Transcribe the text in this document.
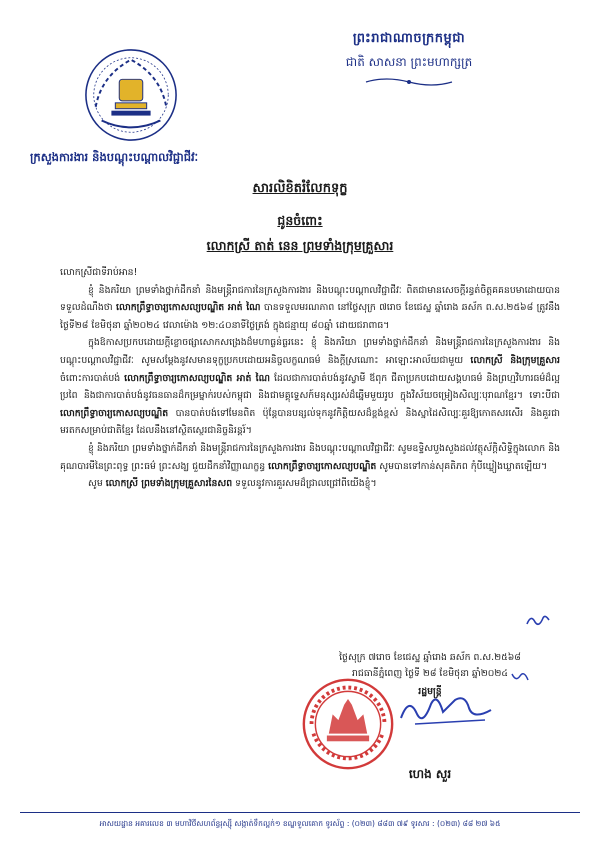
ព្រះរាជាណាចក្រកម្ពុជា
ជាតិ សាសនា ព្រះមហាក្សត្រ
ក្រសួងការងារ និងបណ្តុះបណ្តាលវិជ្ជាជីវៈ
សារលិខិតរំលែកទុក្ខ
ជូនចំពោះ
លោកស្រី តាត់ នេន ព្រមទាំងក្រុមគ្រួសារ

លោកស្រីជាទីរាប់អាន!

ខ្ញុំ និងភរិយា ព្រមទាំងថ្នាក់ដឹកនាំ និងមន្ត្រីរាជការនៃក្រសួងការងារ និងបណ្តុះបណ្តាលវិជ្ជាជីវៈ ពិតជាមានសេចក្តីរន្ធត់ចិត្តគគនបមាដោយបានទទួលដំណឹងថា លោកព្រឹទ្ធាចារ្យកោសល្យបណ្ឌិត អាត់ ណៃ បានទទួលមរណភាព នៅថ្ងៃសុក្រ ៧រោច ខែជេស្ឋ ឆ្នាំរោង ឆស័ក ព.ស.២៥៦៨ ត្រូវនឹងថ្ងៃទី២៨ ខែមិថុនា ឆ្នាំ២០២៤ វេលាម៉ោង ១២:៤០នាទីថ្ងៃត្រង់ ក្នុងជន្មាយុ ៨០ឆ្នាំ ដោយជរាពាធ។

ក្នុងឱកាសប្រកបដោយក្តីខ្លោចផ្សាសោកសង្រេងដ៏មហាធ្ងន់ធ្ងរនេះ ខ្ញុំ និងភរិយា ព្រមទាំងថ្នាក់ដឹកនាំ និងមន្ត្រីរាជការនៃក្រសួងការងារ និងបណ្តុះបណ្តាលវិជ្ជាជីវៈ សូមសម្តែងនូវសមានទុក្ខប្រកបដោយអនិច្ចលក្ខណធម៌ និងក្តីស្រណោះ អាឡោះអាល័យជាមួយ លោកស្រី និងក្រុមគ្រួសារ ចំពោះការបាត់បង់ លោកព្រឹទ្ធាចារ្យកោសល្យបណ្ឌិត អាត់ ណៃ ដែលជាការបាត់បង់នូវស្វាមី ឪពុក ជីតាប្រកបដោយសង្គហធម៌ និងព្រហ្មវិហារធម៌ដ៏ល្អប្រពៃ និងជាការបាត់បង់នូវធនធានដ៏កម្រម្នាក់របស់កម្ពុជា និងជាមគ្គុទ្ទេសក៍មនុស្សរស់ដ៏ឆ្នើមមួយរូប ក្នុងវិស័យចម្រៀងសិល្បៈបុរាណខ្មែរ។ ទោះបីជា លោកព្រឹទ្ធាចារ្យកោសល្យបណ្ឌិត បានបាត់បង់ទៅមែនពិត ប៉ុន្តែបានបន្សល់ទុកនូវកិត្តិយសដ៏ខ្ពង់ខ្ពស់ និងស្នាដៃសិល្បៈគួរឱ្យកោតសរសើរ និងគួរជាមរតកសម្រាប់ជាតិខ្មែរ ដែលនឹងនៅស្ថិតស្ថេរជានិច្ចនិរន្តរ៍។

ខ្ញុំ និងភរិយា ព្រមទាំងថ្នាក់ដឹកនាំ និងមន្ត្រីរាជការនៃក្រសួងការងារ និងបណ្តុះបណ្តាលវិជ្ជាជីវៈ សូមឧទ្ទិសបួងសួងដល់វត្ថុស័ក្តិសិទ្ធិក្នុងលោក និងគុណបារមីនៃព្រះពុទ្ធ ព្រះធម៌ ព្រះសង្ឃ ជួយដឹកនាំវិញ្ញាណក្ខន្ធ លោកព្រឹទ្ធាចារ្យកោសល្យបណ្ឌិត សូមបានទៅកាន់សុគតិភព កុំបីឃ្លៀងឃ្លាតឡើយ។

សូម លោកស្រី ព្រមទាំងក្រុមគ្រួសារនៃសព ទទួលនូវការគួរសមដ៏ជ្រាលជ្រៅពីយើងខ្ញុំ។

ថ្ងៃសុក្រ ៧រោច ខែជេស្ឋ ឆ្នាំរោង ឆស័ក ព.ស.២៥៦៨
រាជធានីភ្នំពេញ ថ្ងៃទី ២៨ ខែមិថុនា ឆ្នាំ២០២៤
រដ្ឋមន្ត្រី
ហេង សួរ
អាសយដ្ឋាន អគារលេខ ៣ មហាវិថីសហព័ន្ធរុស្ស៊ី សង្កាត់ទឹកល្អក់១ ខណ្ឌទួលគោក ទូរស័ព្ទ : (០២៣) ៨៨៣ ៧៩ ទូរសារ : (០២៣) ៨៨ ២៧ ៦៥
